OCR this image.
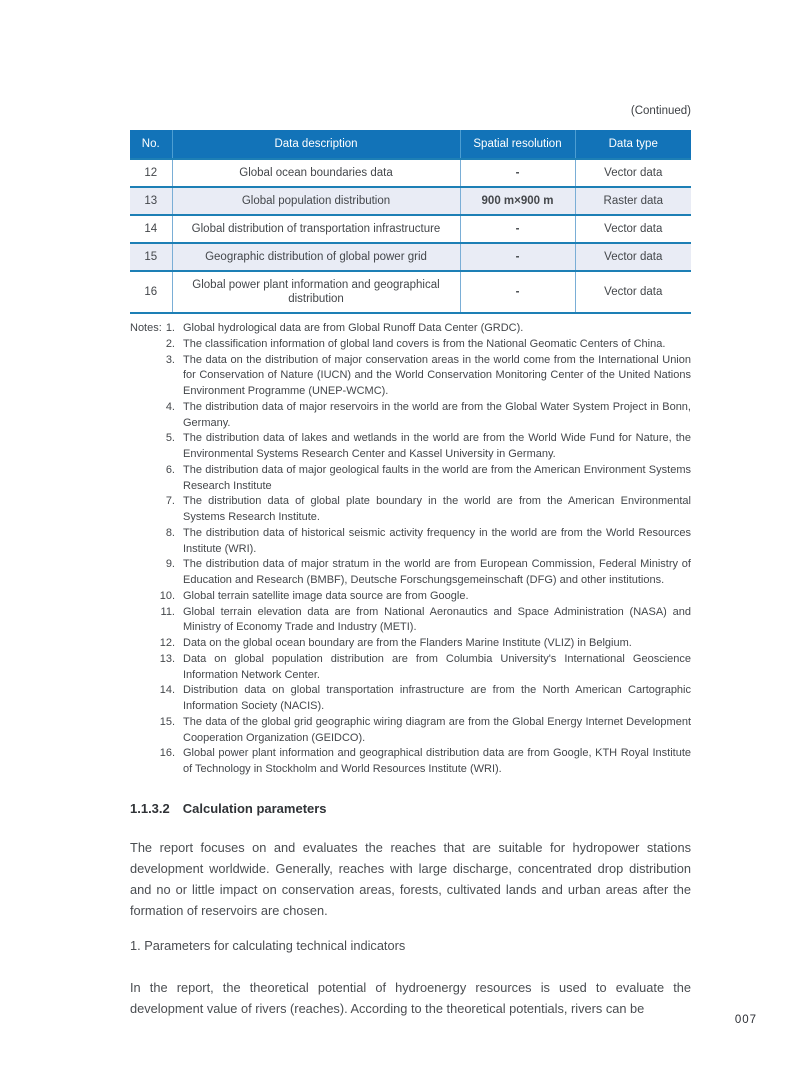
(Continued)
No.	Data description	Spatial resolution	Data type
12	Global ocean boundaries data	-	Vector data
13	Global population distribution	900 m×900 m	Raster data
14	Global distribution of transportation infrastructure	-	Vector data
15	Geographic distribution of global power grid	-	Vector data
16	Global power plant information and geographical distribution	-	Vector data
Notes: 1. Global hydrological data are from Global Runoff Data Center (GRDC).
2. The classification information of global land covers is from the National Geomatic Centers of China.
3. The data on the distribution of major conservation areas in the world come from the International Union for Conservation of Nature (IUCN) and the World Conservation Monitoring Center of the United Nations Environment Programme (UNEP-WCMC).
4. The distribution data of major reservoirs in the world are from the Global Water System Project in Bonn, Germany.
5. The distribution data of lakes and wetlands in the world are from the World Wide Fund for Nature, the Environmental Systems Research Center and Kassel University in Germany.
6. The distribution data of major geological faults in the world are from the American Environment Systems Research Institute
7. The distribution data of global plate boundary in the world are from the American Environmental Systems Research Institute.
8. The distribution data of historical seismic activity frequency in the world are from the World Resources Institute (WRI).
9. The distribution data of major stratum in the world are from European Commission, Federal Ministry of Education and Research (BMBF), Deutsche Forschungsgemeinschaft (DFG) and other institutions.
10. Global terrain satellite image data source are from Google.
11. Global terrain elevation data are from National Aeronautics and Space Administration (NASA) and Ministry of Economy Trade and Industry (METI).
12. Data on the global ocean boundary are from the Flanders Marine Institute (VLIZ) in Belgium.
13. Data on global population distribution are from Columbia University's International Geoscience Information Network Center.
14. Distribution data on global transportation infrastructure are from the North American Cartographic Information Society (NACIS).
15. The data of the global grid geographic wiring diagram are from the Global Energy Internet Development Cooperation Organization (GEIDCO).
16. Global power plant information and geographical distribution data are from Google, KTH Royal Institute of Technology in Stockholm and World Resources Institute (WRI).
1.1.3.2 Calculation parameters

The report focuses on and evaluates the reaches that are suitable for hydropower stations development worldwide. Generally, reaches with large discharge, concentrated drop distribution and no or little impact on conservation areas, forests, cultivated lands and urban areas after the formation of reservoirs are chosen.

1. Parameters for calculating technical indicators

In the report, the theoretical potential of hydroenergy resources is used to evaluate the development value of rivers (reaches). According to the theoretical potentials, rivers can be

007
